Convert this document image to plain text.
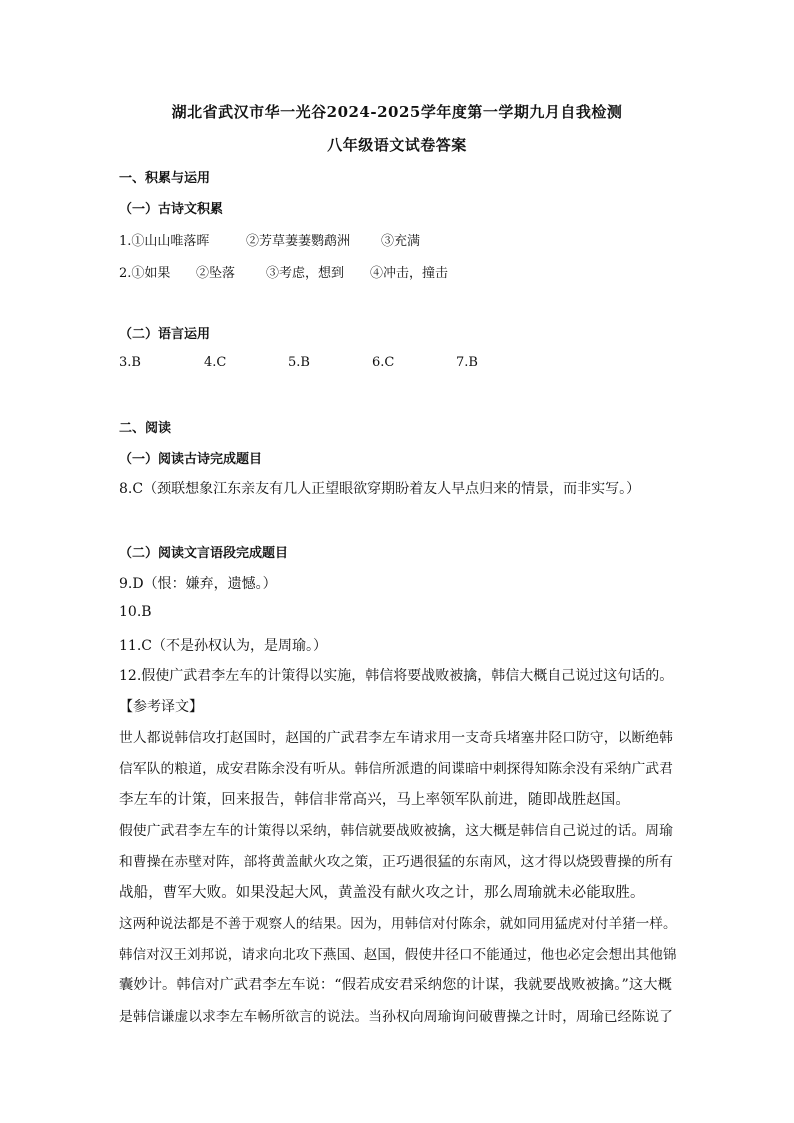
湖北省武汉市华一光谷2024-2025学年度第一学期九月自我检测
八年级语文试卷答案
一、积累与运用
（一）古诗文积累
1.①山山唯落晖	②芳草萋萋鹦鹉洲 ③充满
2.①如果 ②坠落 ③考虑，想到 ④冲击，撞击
（二）语言运用
3.B	4.C	5.B	6.C	7.B
二、阅读
（一）阅读古诗完成题目
8.C（颈联想象江东亲友有几人正望眼欲穿期盼着友人早点归来的情景，而非实写。）
（二）阅读文言语段完成题目
9.D（恨：嫌弃，遗憾。）
10.B
11.C（不是孙权认为，是周瑜。）
12.假使广武君李左车的计策得以实施，韩信将要战败被擒，韩信大概自己说过这句话的。
【参考译文】
世人都说韩信攻打赵国时，赵国的广武君李左车请求用一支奇兵堵塞井陉口防守，以断绝韩
信军队的粮道，成安君陈余没有听从。韩信所派遣的间谍暗中刺探得知陈余没有采纳广武君
李左车的计策，回来报告，韩信非常高兴，马上率领军队前进，随即战胜赵国。
假使广武君李左车的计策得以采纳，韩信就要战败被擒，这大概是韩信自己说过的话。周瑜
和曹操在赤壁对阵，部将黄盖献火攻之策，正巧遇很猛的东南风，这才得以烧毁曹操的所有
战船，曹军大败。如果没起大风，黄盖没有献火攻之计，那么周瑜就未必能取胜。
这两种说法都是不善于观察人的结果。因为，用韩信对付陈余，就如同用猛虎对付羊猪一样。
韩信对汉王刘邦说，请求向北攻下燕国、赵国，假使井径口不能通过，他也必定会想出其他锦
囊妙计。韩信对广武君李左车说：“假若成安君采纳您的计谋，我就要战败被擒。”这大概
是韩信谦虚以求李左车畅所欲言的说法。当孙权向周瑜询问破曹操之计时，周瑜已经陈说了
